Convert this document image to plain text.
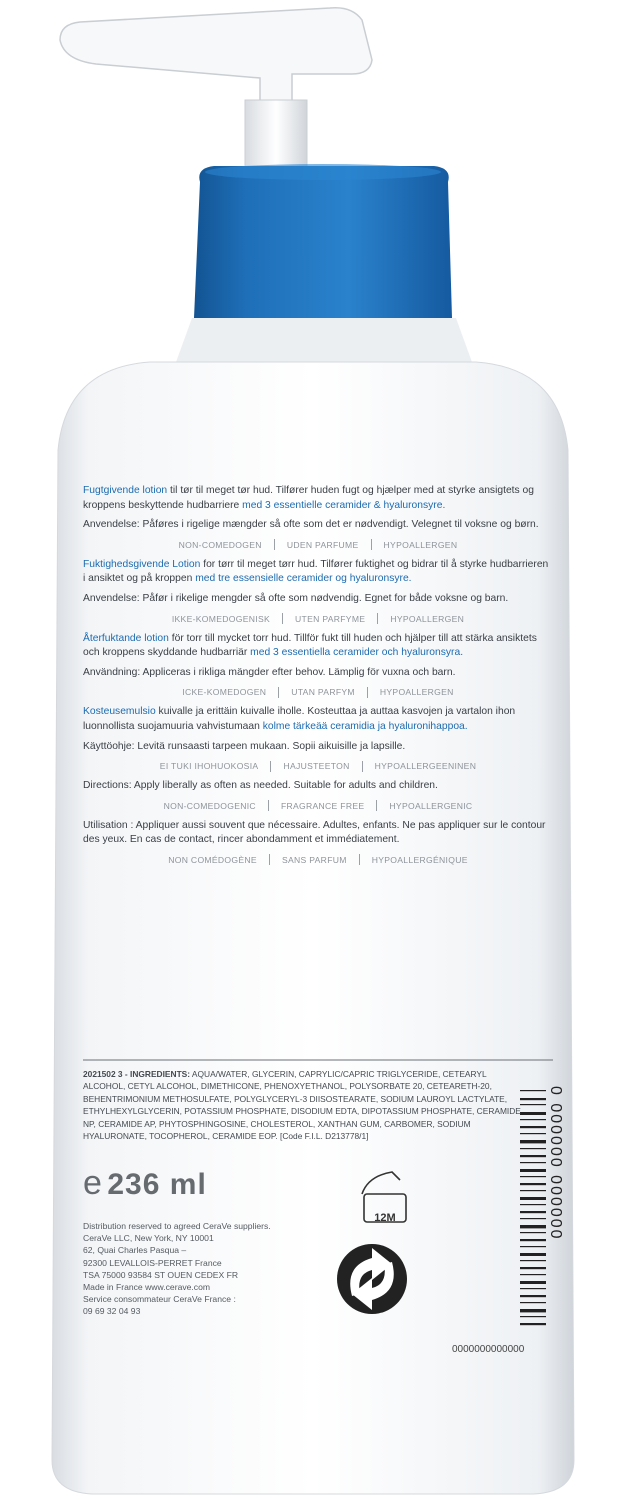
Fugtgivende lotion til tør til meget tør hud. Tilfører huden fugt og hjælper med at styrke ansigtets og kroppens beskyttende hudbarriere med 3 essentielle ceramider & hyaluronsyre.

Anvendelse: Påføres i rigelige mængder så ofte som det er nødvendigt. Velegnet til voksne og børn.

NON-COMEDOGEN	UDEN PARFUME	HYPOALLERGEN

Fuktighedsgivende Lotion for tørr til meget tørr hud. Tilfører fuktighet og bidrar til å styrke hudbarrieren i ansiktet og på kroppen med tre essensielle ceramider og hyaluronsyre.

Anvendelse: Påfør i rikelige mengder så ofte som nødvendig. Egnet for både voksne og barn.

IKKE-KOMEDOGENISK	UTEN PARFYME	HYPOALLERGEN

Återfuktande lotion för torr till mycket torr hud. Tillför fukt till huden och hjälper till att stärka ansiktets och kroppens skyddande hudbarriär med 3 essentiella ceramider och hyaluronsyra.

Användning: Appliceras i rikliga mängder efter behov. Lämplig för vuxna och barn.

ICKE-KOMEDOGEN	UTAN PARFYM	HYPOALLERGEN

Kosteusemulsio kuivalle ja erittäin kuivalle iholle. Kosteuttaa ja auttaa kasvojen ja vartalon ihon luonnollista suojamuuria vahvistumaan kolme tärkeää ceramidia ja hyaluronihappoa.

Käyttöohje: Levitä runsaasti tarpeen mukaan. Sopii aikuisille ja lapsille.

EI TUKI IHOHUOKOSIA	HAJUSTEETON	HYPOALLERGEENINEN

Directions: Apply liberally as often as needed. Suitable for adults and children.

NON-COMEDOGENIC	FRAGRANCE FREE	HYPOALLERGENIC

Utilisation : Appliquer aussi souvent que nécessaire. Adultes, enfants. Ne pas appliquer sur le contour des yeux. En cas de contact, rincer abondamment et immédiatement.

NON COMÉDOGÈNE	SANS PARFUM	HYPOALLERGÉNIQUE
2021502 3 - INGREDIENTS: AQUA/WATER, GLYCERIN, CAPRYLIC/CAPRIC TRIGLYCERIDE, CETEARYL ALCOHOL, CETYL ALCOHOL, DIMETHICONE, PHENOXYETHANOL, POLYSORBATE 20, CETEARETH-20, BEHENTRIMONIUM METHOSULFATE, POLYGLYCERYL-3 DIISOSTEARATE, SODIUM LAUROYL LACTYLATE, ETHYLHEXYLGLYCERIN, POTASSIUM PHOSPHATE, DISODIUM EDTA, DIPOTASSIUM PHOSPHATE, CERAMIDE NP, CERAMIDE AP, PHYTOSPHINGOSINE, CHOLESTEROL, XANTHAN GUM, CARBOMER, SODIUM HYALURONATE, TOCOPHEROL, CERAMIDE EOP. [Code F.I.L. D213778/1]
e 236 ml
12M
Distribution reserved to agreed CeraVe suppliers.
CeraVe LLC, New York, NY 10001
62, Quai Charles Pasqua –
92300 LEVALLOIS-PERRET France
TSA 75000 93584 ST OUEN CEDEX FR
Made in France www.cerave.com
Service consommateur CeraVe France :
09 69 32 04 93
0 000000 000000
0000000000000
